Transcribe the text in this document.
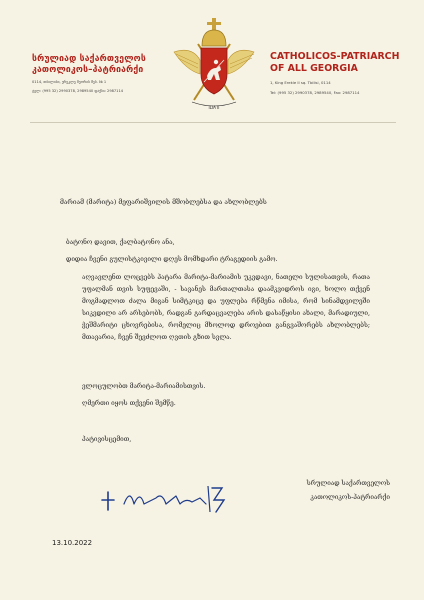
სრულიად საქართველოს
კათოლიკოს–პატრიარქი
0114, თბილისი, ერეკლე მეორის შეს. № 1
ტელ: (995 32) 2990378, 2989540 ფაქსი: 2987114
ILIA II
CATHOLICOS-PATRIARCH
OF ALL GEORGIA
1, King Erekle II sq. Tbilisi, 0114
Tel: (995 32) 2990378, 2989540, Fax: 2987114
მარიამ (მარიტა) მეფარიშვილის მშობლებსა და ახლობლებს
ბატონო დავით, ქალბატონო ანა,
დიდია ჩვენი გულისტკივილი დღეს მომხდარი ტრაგედიის გამო.
აღვავლენთ ლოცვებს პატარა მარიტა-მარიამის უკვდავი, ნათელი სულისათვის, რათა უფალმან თვის სუფევაში, - სავანეს მართალთასა დაამკვიდროს იგი, ხოლო თქვენ მოგმადლოთ ძალა მიგან სიმტკიცე და უფლება რწმენა იმისა, რომ სინამდვილეში სიკვდილი არ არსებობს, რადგან გარდაცვალება არის დასაწყისი ახალი, მარადიული, ჭეშმარიტი ცხოვრებისა, რომელიც მხოლოდ დროებით განგვაშორებს ახლობლებს; მთავარია, ჩვენ შევძლოთ ღვთის გზით სვლა.
ვლოცულობთ მარიტა-მარიამისთვის.
ღმერთი იყოს თქვენი შემწე.
პატივისცემით,
სრულიად საქართველოს
კათოლიკოს-პატრიარქი
13.10.2022
